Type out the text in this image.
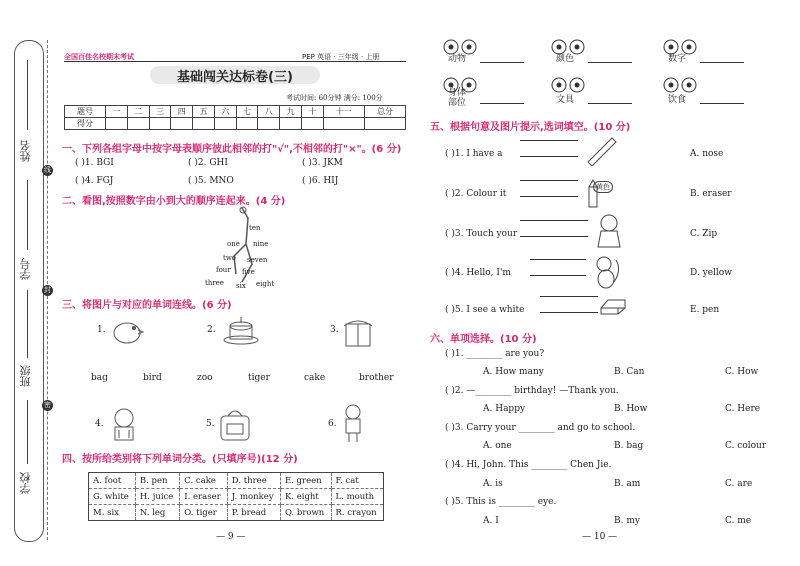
姓名
学号
班级
学校
线
封
密
全国百佳名校期末考试	PEP 英语 · 三年级 · 上册
基础闯关达标卷(三)
考试时间: 60分钟 满分: 100分
题号	一	二	三	四	五	六	七	八	九	十	十一	总分
得分												
一、下列各组字母中按字母表顺序彼此相邻的打"√",不相邻的打"×"。(6 分)
( )1. BGI	( )2. GHI	( )3. JKM
( )4. FGJ	( )5. MNO	( )6. HIJ
二、看图,按照数字由小到大的顺序连起来。(4 分)
ten
one nine
two seven
four five
three six eight
三、将图片与对应的单词连线。(6 分)
1.	2.	3.
bag	bird	zoo	tiger	cake	brother
4.	5.	6.
四、按所给类别将下列单词分类。(只填序号)(12 分)
A. foot	B. pen	C. cake	D. three	E. green	F. cat
G. white	H. juice	I. eraser	J. monkey	K. eight	L. mouth
M. six	N. leg	O. tiger	P. bread	Q. brown	R. crayon
— 9 —
动物	颜色	数字
身体部位	文具	饮食
五、根据句意及图片提示,选词填空。(10 分)
( )1. I have a	A. nose
( )2. Colour it
黄色
B. eraser
( )3. Touch your	C. Zip
( )4. Hello, I'm	D. yellow
( )5. I see a white	E. pen
六、单项选择。(10 分)
( )1. ________ are you?
A. How many	B. Can	C. How
( )2. —________ birthday! —Thank you.
A. Happy	B. How	C. Here
( )3. Carry your ________ and go to school.
A. one	B. bag	C. colour
( )4. Hi, John. This ________ Chen Jie.
A. is	B. am	C. are
( )5. This is ________ eye.
A. I	B. my	C. me
— 10 —
